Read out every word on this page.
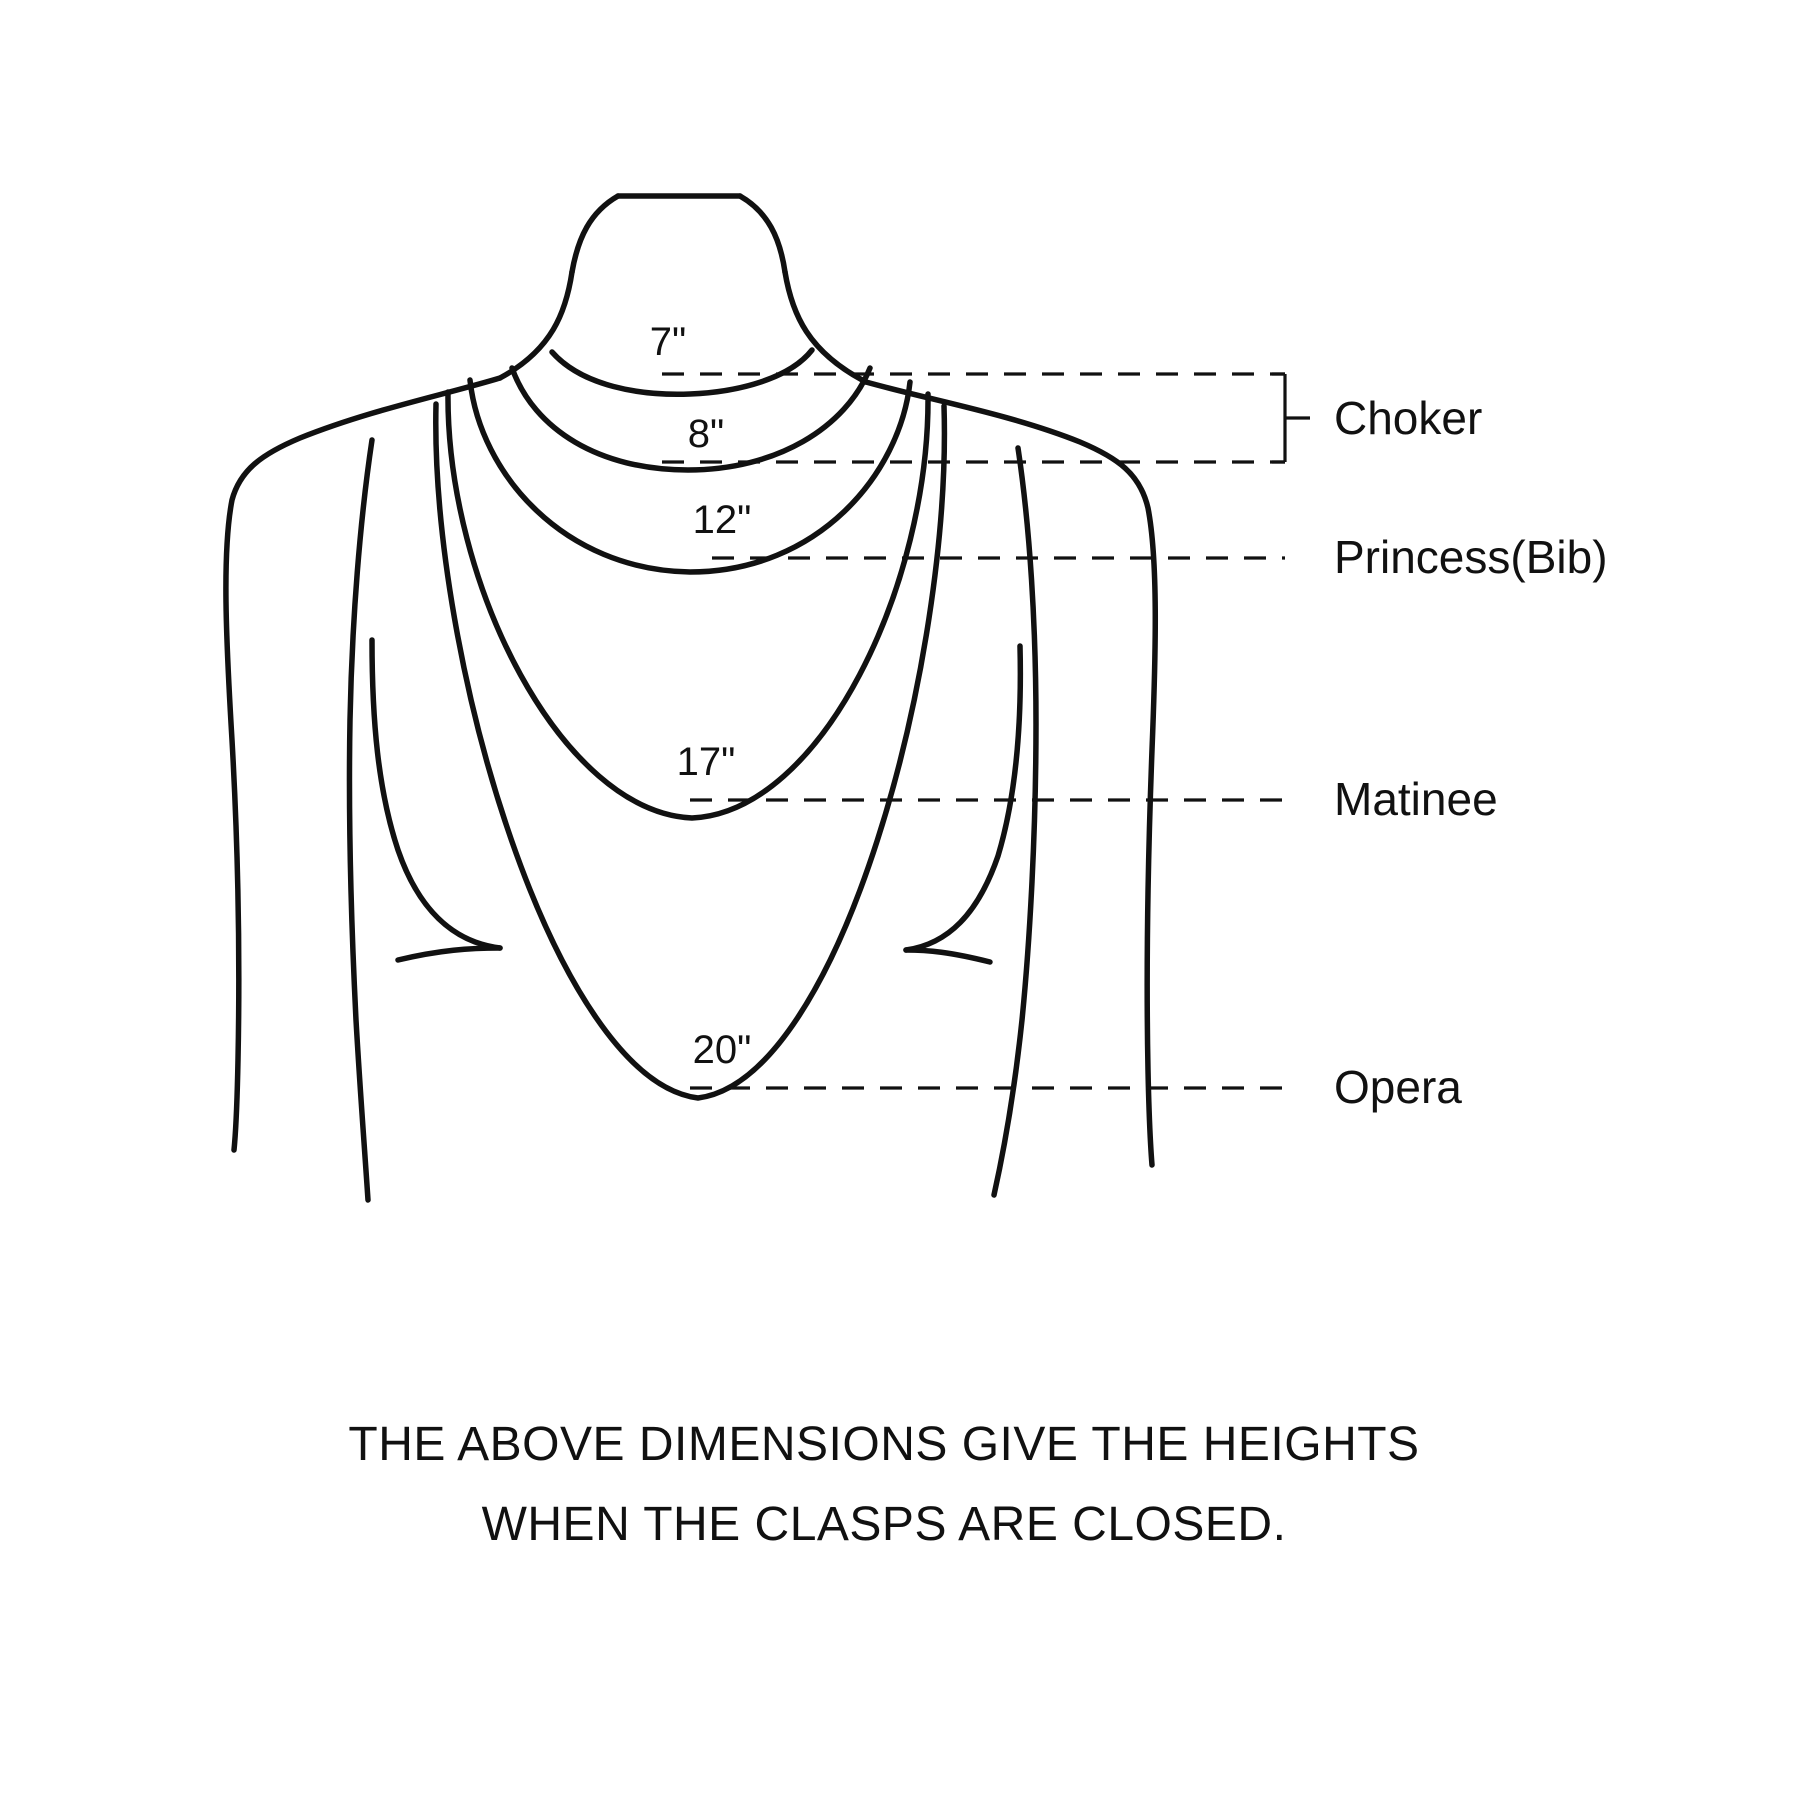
7"
8"
12"
17"
20"
Choker
Princess(Bib)
Matinee
Opera
THE ABOVE DIMENSIONS GIVE THE HEIGHTS
WHEN THE CLASPS ARE CLOSED.
